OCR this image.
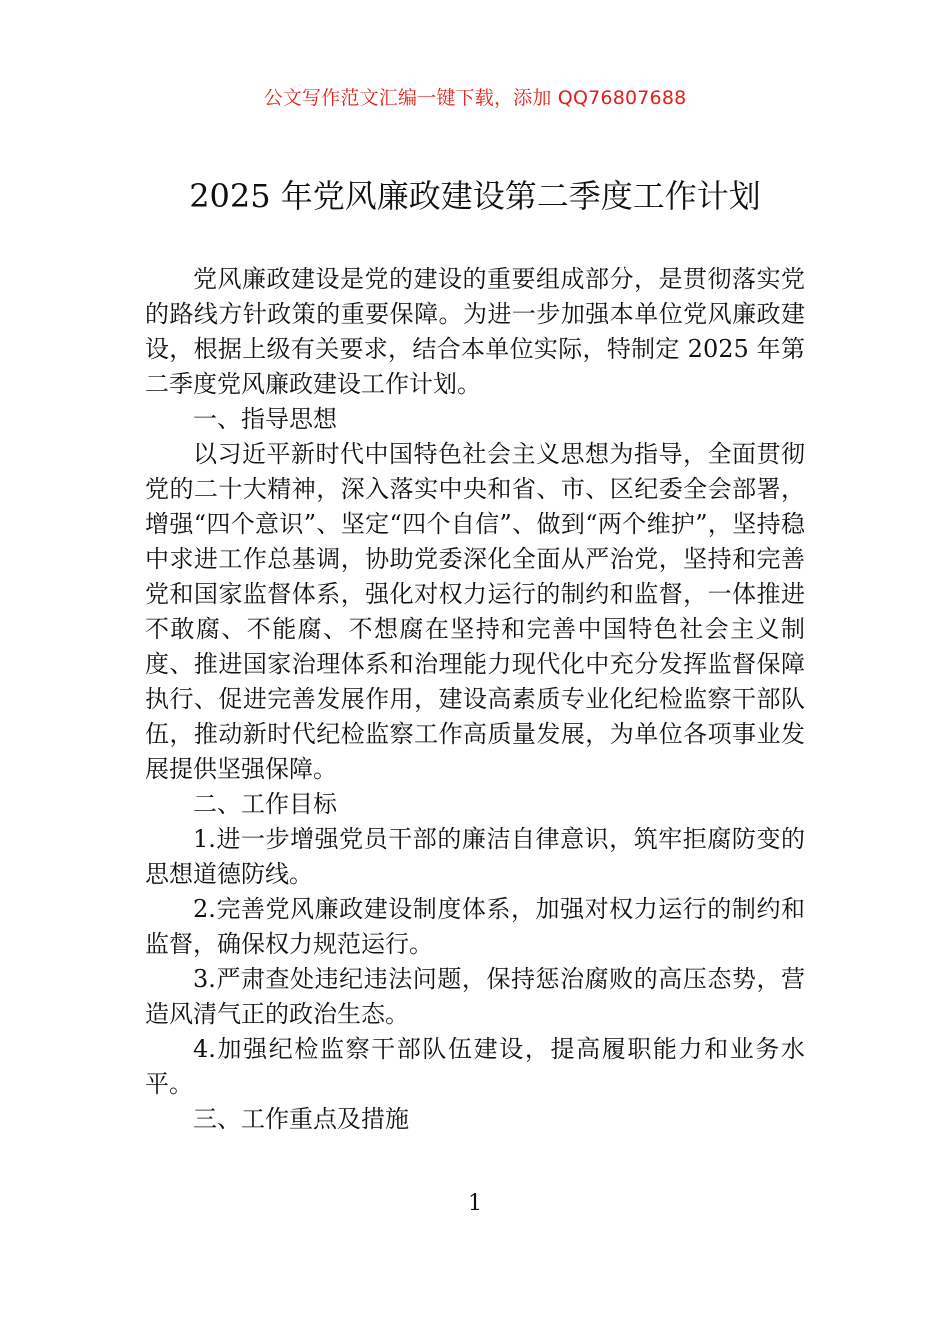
公文写作范文汇编一键下载，添加 QQ76807688
2025 年党风廉政建设第二季度工作计划

党风廉政建设是党的建设的重要组成部分，是贯彻落实党的路线方针政策的重要保障。为进一步加强本单位党风廉政建设，根据上级有关要求，结合本单位实际，特制定 2025 年第二季度党风廉政建设工作计划。

一、指导思想

以习近平新时代中国特色社会主义思想为指导，全面贯彻党的二十大精神，深入落实中央和省、市、区纪委全会部署，增强“四个意识”、坚定“四个自信”、做到“两个维护”，坚持稳中求进工作总基调，协助党委深化全面从严治党，坚持和完善党和国家监督体系，强化对权力运行的制约和监督，一体推进不敢腐、不能腐、不想腐在坚持和完善中国特色社会主义制度、推进国家治理体系和治理能力现代化中充分发挥监督保障执行、促进完善发展作用，建设高素质专业化纪检监察干部队伍，推动新时代纪检监察工作高质量发展，为单位各项事业发展提供坚强保障。

二、工作目标

1.进一步增强党员干部的廉洁自律意识，筑牢拒腐防变的思想道德防线。

2.完善党风廉政建设制度体系，加强对权力运行的制约和监督，确保权力规范运行。

3.严肃查处违纪违法问题，保持惩治腐败的高压态势，营造风清气正的政治生态。

4.加强纪检监察干部队伍建设，提高履职能力和业务水平。

三、工作重点及措施

1
